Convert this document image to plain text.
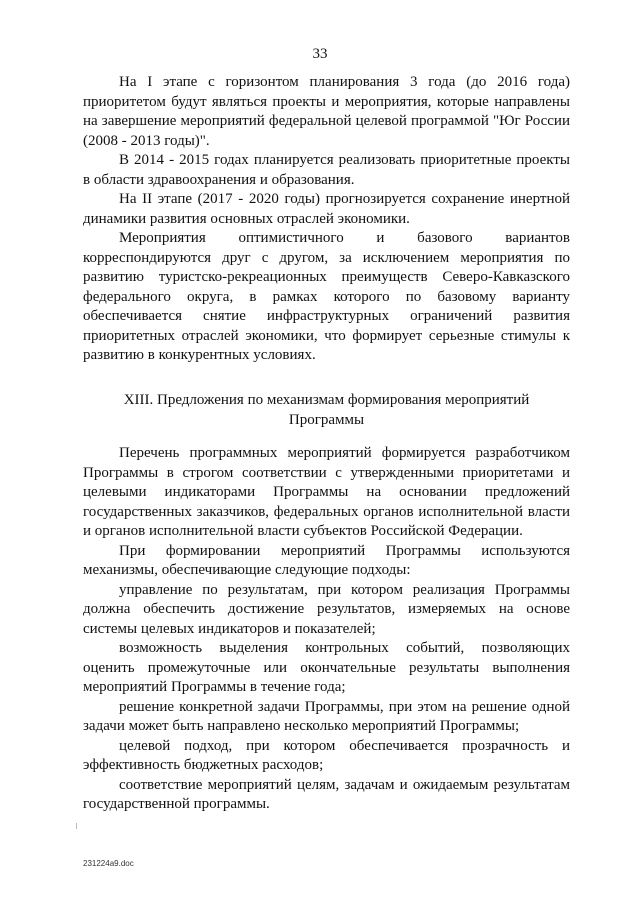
33

На I этапе с горизонтом планирования 3 года (до 2016 года) приоритетом будут являться проекты и мероприятия, которые направлены на завершение мероприятий федеральной целевой программой "Юг России (2008 - 2013 годы)".

В 2014 - 2015 годах планируется реализовать приоритетные проекты в области здравоохранения и образования.

На II этапе (2017 - 2020 годы) прогнозируется сохранение инертной динамики развития основных отраслей экономики.

Мероприятия оптимистичного и базового вариантов корреспондируются друг с другом, за исключением мероприятия по развитию туристско-рекреационных преимуществ Северо-Кавказского федерального округа, в рамках которого по базовому варианту обеспечивается снятие инфраструктурных ограничений развития приоритетных отраслей экономики, что формирует серьезные стимулы к развитию в конкурентных условиях.

XIII. Предложения по механизмам формирования мероприятий

Программы

Перечень программных мероприятий формируется разработчиком Программы в строгом соответствии с утвержденными приоритетами и целевыми индикаторами Программы на основании предложений государственных заказчиков, федеральных органов исполнительной власти и органов исполнительной власти субъектов Российской Федерации.

При формировании мероприятий Программы используются механизмы, обеспечивающие следующие подходы:

управление по результатам, при котором реализация Программы должна обеспечить достижение результатов, измеряемых на основе системы целевых индикаторов и показателей;

возможность выделения контрольных событий, позволяющих оценить промежуточные или окончательные результаты выполнения мероприятий Программы в течение года;

решение конкретной задачи Программы, при этом на решение одной задачи может быть направлено несколько мероприятий Программы;

целевой подход, при котором обеспечивается прозрачность и эффективность бюджетных расходов;

соответствие мероприятий целям, задачам и ожидаемым результатам государственной программы.

231224a9.doc
